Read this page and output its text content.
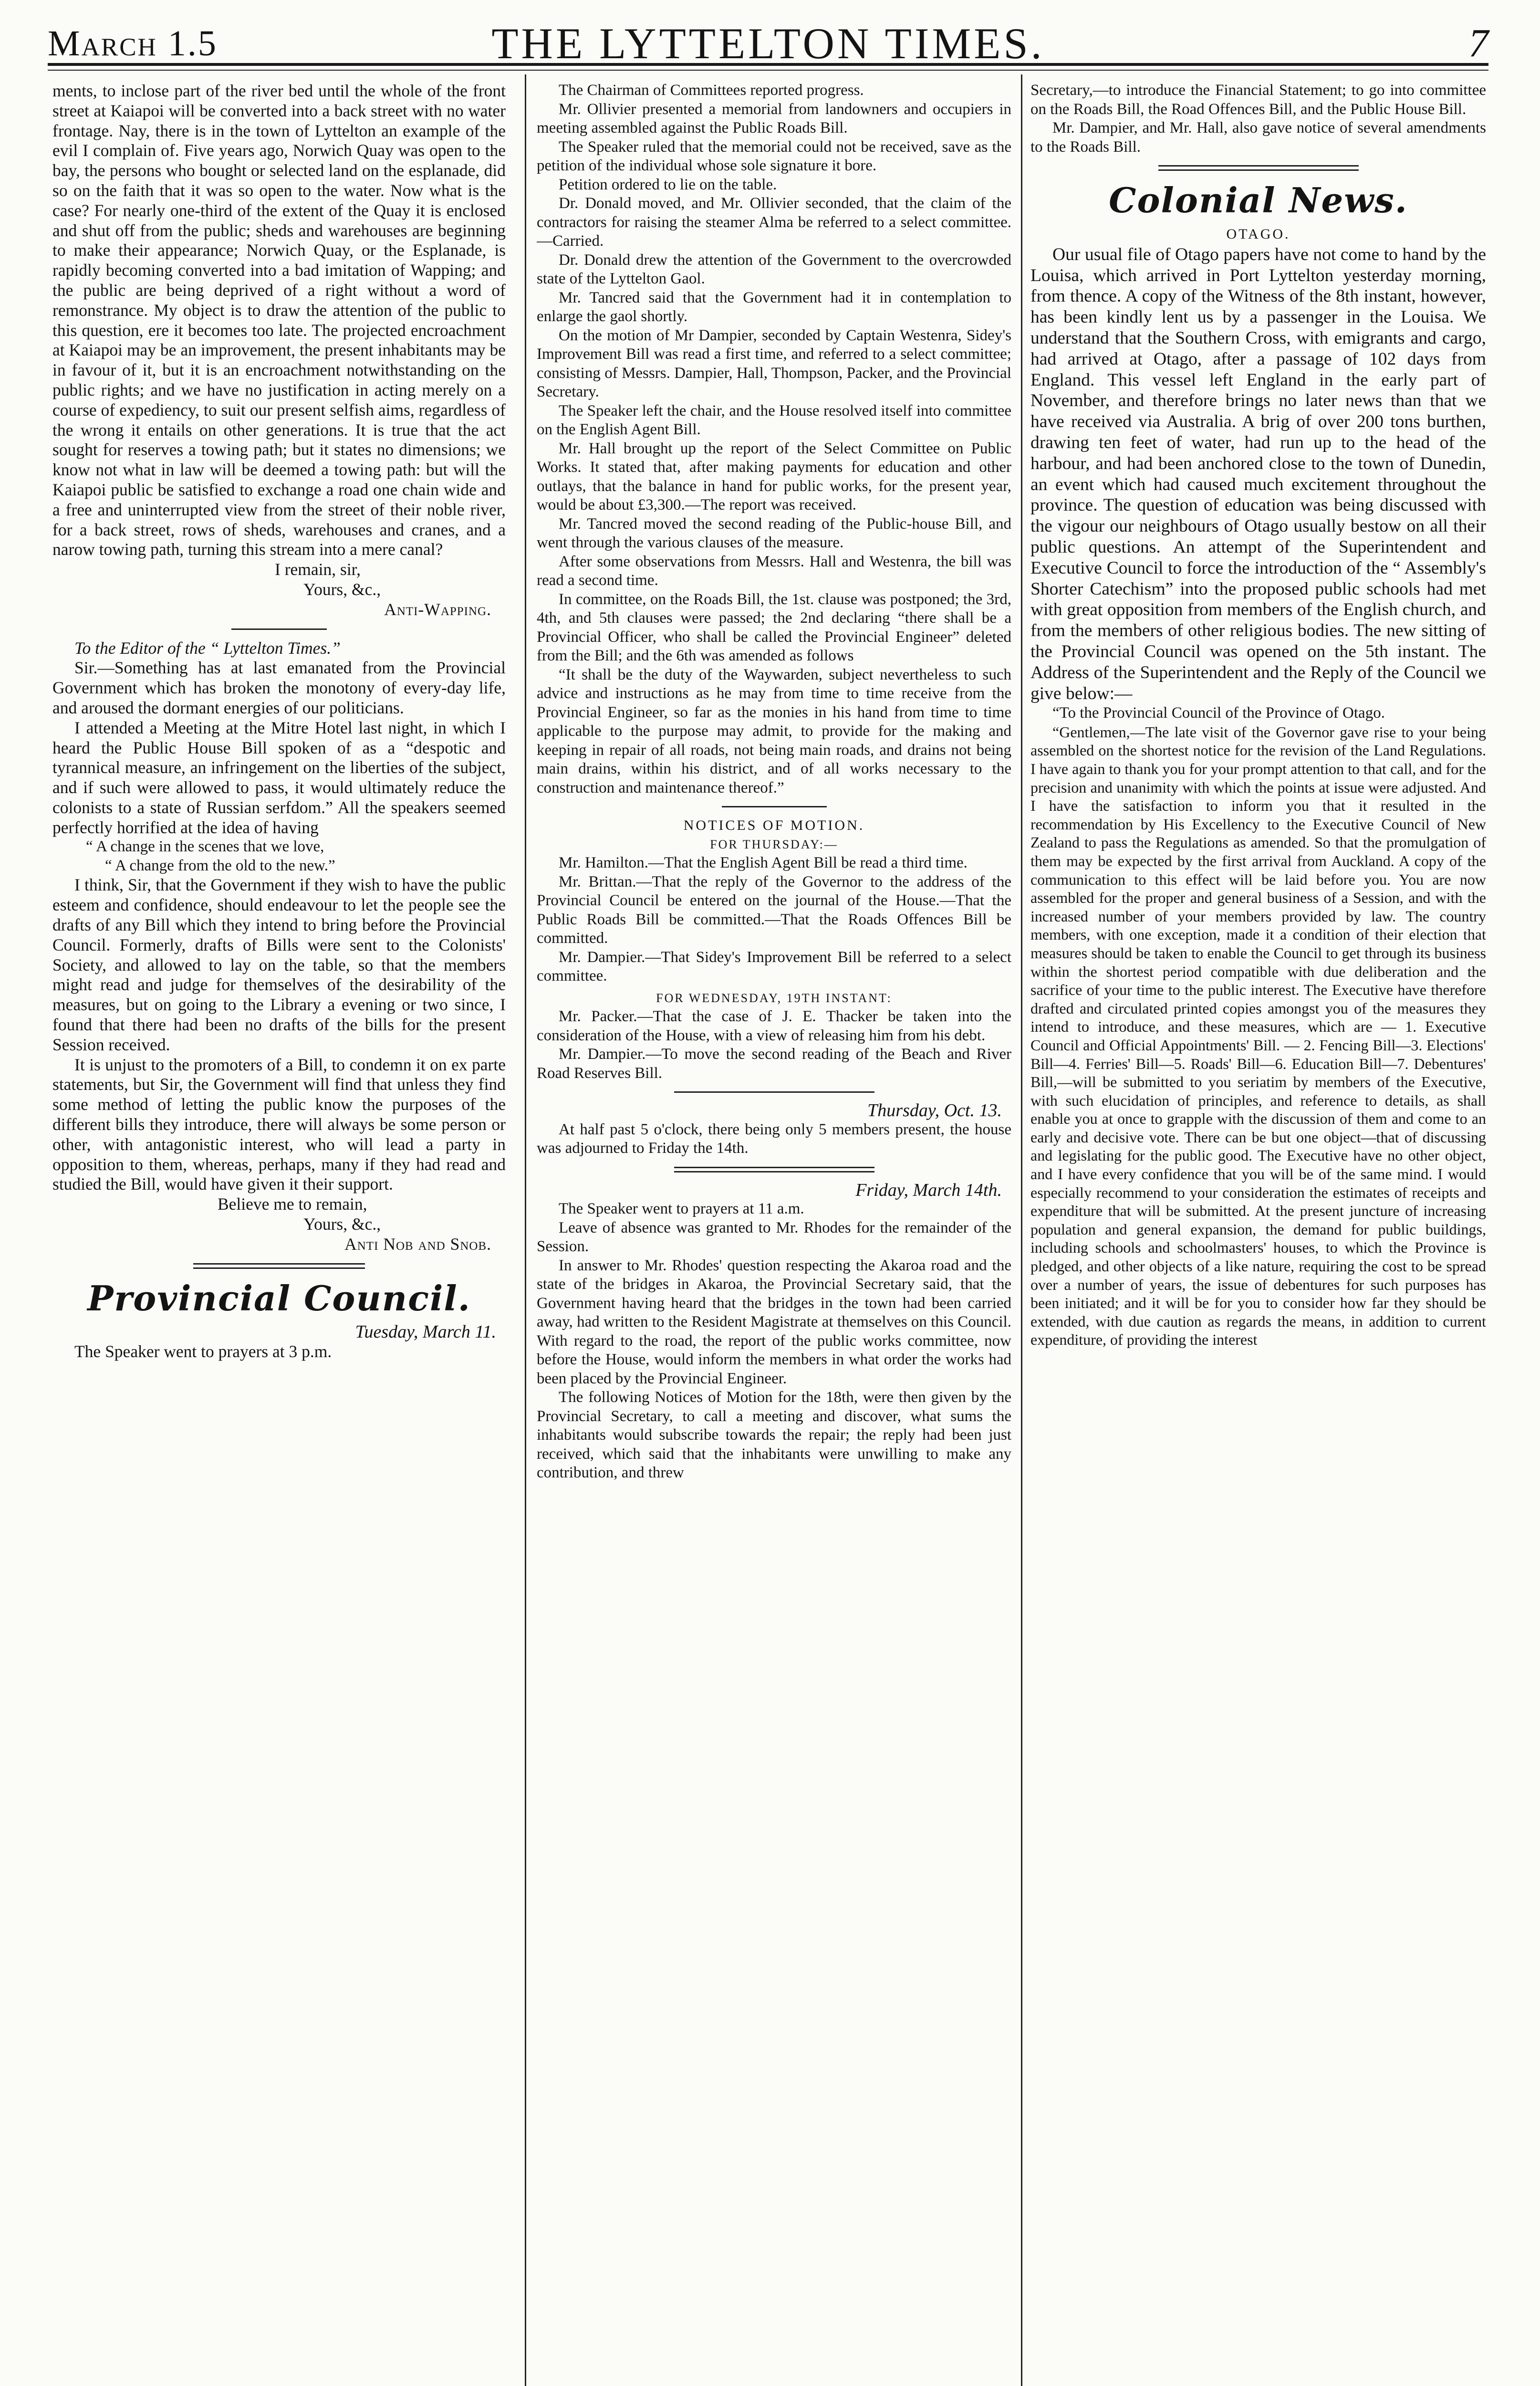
March 1.5	THE LYTTELTON TIMES.	7

ments, to inclose part of the river bed until the whole of the front street at Kaiapoi will be converted into a back street with no water frontage. Nay, there is in the town of Lyttelton an example of the evil I complain of. Five years ago, Norwich Quay was open to the bay, the persons who bought or selected land on the esplanade, did so on the faith that it was so open to the water. Now what is the case? For nearly one-third of the extent of the Quay it is enclosed and shut off from the public; sheds and warehouses are beginning to make their appearance; Norwich Quay, or the Esplanade, is rapidly becoming converted into a bad imitation of Wapping; and the public are being deprived of a right without a word of remonstrance. My object is to draw the attention of the public to this question, ere it becomes too late. The projected encroachment at Kaiapoi may be an improvement, the present inhabitants may be in favour of it, but it is an encroachment notwithstanding on the public rights; and we have no justification in acting merely on a course of expediency, to suit our present selfish aims, regardless of the wrong it entails on other generations. It is true that the act sought for reserves a towing path; but it states no dimensions; we know not what in law will be deemed a towing path: but will the Kaiapoi public be satisfied to exchange a road one chain wide and a free and uninterrupted view from the street of their noble river, for a back street, rows of sheds, warehouses and cranes, and a narow towing path, turning this stream into a mere canal?

I remain, sir,

Yours, &c.,

Anti-Wapping.

To the Editor of the “ Lyttelton Times.”

Sir.—Something has at last emanated from the Provincial Government which has broken the monotony of every-day life, and aroused the dormant energies of our politicians.

I attended a Meeting at the Mitre Hotel last night, in which I heard the Public House Bill spoken of as a “despotic and tyrannical measure, an infringement on the liberties of the subject, and if such were allowed to pass, it would ultimately reduce the colonists to a state of Russian serfdom.” All the speakers seemed perfectly horrified at the idea of having

“ A change in the scenes that we love,

“ A change from the old to the new.”

I think, Sir, that the Government if they wish to have the public esteem and confidence, should endeavour to let the people see the drafts of any Bill which they intend to bring before the Provincial Council. Formerly, drafts of Bills were sent to the Colonists' Society, and allowed to lay on the table, so that the members might read and judge for themselves of the desirability of the measures, but on going to the Library a evening or two since, I found that there had been no drafts of the bills for the present Session received.

It is unjust to the promoters of a Bill, to condemn it on ex parte statements, but Sir, the Government will find that unless they find some method of letting the public know the purposes of the different bills they introduce, there will always be some person or other, with antagonistic interest, who will lead a party in opposition to them, whereas, perhaps, many if they had read and studied the Bill, would have given it their support.

Believe me to remain,

Yours, &c.,

Anti Nob and Snob.

Provincial Council.

Tuesday, March 11.

The Speaker went to prayers at 3 p.m.

The Chairman of Committees reported progress.

Mr. Ollivier presented a memorial from landowners and occupiers in meeting assembled against the Public Roads Bill.

The Speaker ruled that the memorial could not be received, save as the petition of the individual whose sole signature it bore.

Petition ordered to lie on the table.

Dr. Donald moved, and Mr. Ollivier seconded, that the claim of the contractors for raising the steamer Alma be referred to a select committee.—Carried.

Dr. Donald drew the attention of the Government to the overcrowded state of the Lyttelton Gaol.

Mr. Tancred said that the Government had it in contemplation to enlarge the gaol shortly.

On the motion of Mr Dampier, seconded by Captain Westenra, Sidey's Improvement Bill was read a first time, and referred to a select committee; consisting of Messrs. Dampier, Hall, Thompson, Packer, and the Provincial Secretary.

The Speaker left the chair, and the House resolved itself into committee on the English Agent Bill.

Mr. Hall brought up the report of the Select Committee on Public Works. It stated that, after making payments for education and other outlays, that the balance in hand for public works, for the present year, would be about £3,300.—The report was received.

Mr. Tancred moved the second reading of the Public-house Bill, and went through the various clauses of the measure.

After some observations from Messrs. Hall and Westenra, the bill was read a second time.

In committee, on the Roads Bill, the 1st. clause was postponed; the 3rd, 4th, and 5th clauses were passed; the 2nd declaring “there shall be a Provincial Officer, who shall be called the Provincial Engineer” deleted from the Bill; and the 6th was amended as follows

“It shall be the duty of the Waywarden, subject nevertheless to such advice and instructions as he may from time to time receive from the Provincial Engineer, so far as the monies in his hand from time to time applicable to the purpose may admit, to provide for the making and keeping in repair of all roads, not being main roads, and drains not being main drains, within his district, and of all works necessary to the construction and maintenance thereof.”

NOTICES OF MOTION.

FOR THURSDAY:—

Mr. Hamilton.—That the English Agent Bill be read a third time.

Mr. Brittan.—That the reply of the Governor to the address of the Provincial Council be entered on the journal of the House.—That the Public Roads Bill be committed.—That the Roads Offences Bill be committed.

Mr. Dampier.—That Sidey's Improvement Bill be referred to a select committee.

FOR WEDNESDAY, 19TH INSTANT:

Mr. Packer.—That the case of J. E. Thacker be taken into the consideration of the House, with a view of releasing him from his debt.

Mr. Dampier.—To move the second reading of the Beach and River Road Reserves Bill.

Thursday, Oct. 13.

At half past 5 o'clock, there being only 5 members present, the house was adjourned to Friday the 14th.

Friday, March 14th.

The Speaker went to prayers at 11 a.m.

Leave of absence was granted to Mr. Rhodes for the remainder of the Session.

In answer to Mr. Rhodes' question respecting the Akaroa road and the state of the bridges in Akaroa, the Provincial Secretary said, that the Government having heard that the bridges in the town had been carried away, had written to the Resident Magistrate at themselves on this Council. With regard to the road, the report of the public works committee, now before the House, would inform the members in what order the works had been placed by the Provincial Engineer.

The following Notices of Motion for the 18th, were then given by the Provincial Secretary, to call a meeting and discover, what sums the inhabitants would subscribe towards the repair; the reply had been just received, which said that the inhabitants were unwilling to make any contribution, and threw

Secretary,—to introduce the Financial Statement; to go into committee on the Roads Bill, the Road Offences Bill, and the Public House Bill.

Mr. Dampier, and Mr. Hall, also gave notice of several amendments to the Roads Bill.

Colonial News.

OTAGO.

Our usual file of Otago papers have not come to hand by the Louisa, which arrived in Port Lyttelton yesterday morning, from thence. A copy of the Witness of the 8th instant, however, has been kindly lent us by a passenger in the Louisa. We understand that the Southern Cross, with emigrants and cargo, had arrived at Otago, after a passage of 102 days from England. This vessel left England in the early part of November, and therefore brings no later news than that we have received via Australia. A brig of over 200 tons burthen, drawing ten feet of water, had run up to the head of the harbour, and had been anchored close to the town of Dunedin, an event which had caused much excitement throughout the province. The question of education was being discussed with the vigour our neighbours of Otago usually bestow on all their public questions. An attempt of the Superintendent and Executive Council to force the introduction of the “ Assembly's Shorter Catechism” into the proposed public schools had met with great opposition from members of the English church, and from the members of other religious bodies. The new sitting of the Provincial Council was opened on the 5th instant. The Address of the Superintendent and the Reply of the Council we give below:—

“To the Provincial Council of the Province of Otago.

“Gentlemen,—The late visit of the Governor gave rise to your being assembled on the shortest notice for the revision of the Land Regulations. I have again to thank you for your prompt attention to that call, and for the precision and unanimity with which the points at issue were adjusted. And I have the satisfaction to inform you that it resulted in the recommendation by His Excellency to the Executive Council of New Zealand to pass the Regulations as amended. So that the promulgation of them may be expected by the first arrival from Auckland. A copy of the communication to this effect will be laid before you. You are now assembled for the proper and general business of a Session, and with the increased number of your members provided by law. The country members, with one exception, made it a condition of their election that measures should be taken to enable the Council to get through its business within the shortest period compatible with due deliberation and the sacrifice of your time to the public interest. The Executive have therefore drafted and circulated printed copies amongst you of the measures they intend to introduce, and these measures, which are — 1. Executive Council and Official Appointments' Bill. — 2. Fencing Bill—3. Elections' Bill—4. Ferries' Bill—5. Roads' Bill—6. Education Bill—7. Debentures' Bill,—will be submitted to you seriatim by members of the Executive, with such elucidation of principles, and reference to details, as shall enable you at once to grapple with the discussion of them and come to an early and decisive vote. There can be but one object—that of discussing and legislating for the public good. The Executive have no other object, and I have every confidence that you will be of the same mind. I would especially recommend to your consideration the estimates of receipts and expenditure that will be submitted. At the present juncture of increasing population and general expansion, the demand for public buildings, including schools and schoolmasters' houses, to which the Province is pledged, and other objects of a like nature, requiring the cost to be spread over a number of years, the issue of debentures for such purposes has been initiated; and it will be for you to consider how far they should be extended, with due caution as regards the means, in addition to current expenditure, of providing the interest
